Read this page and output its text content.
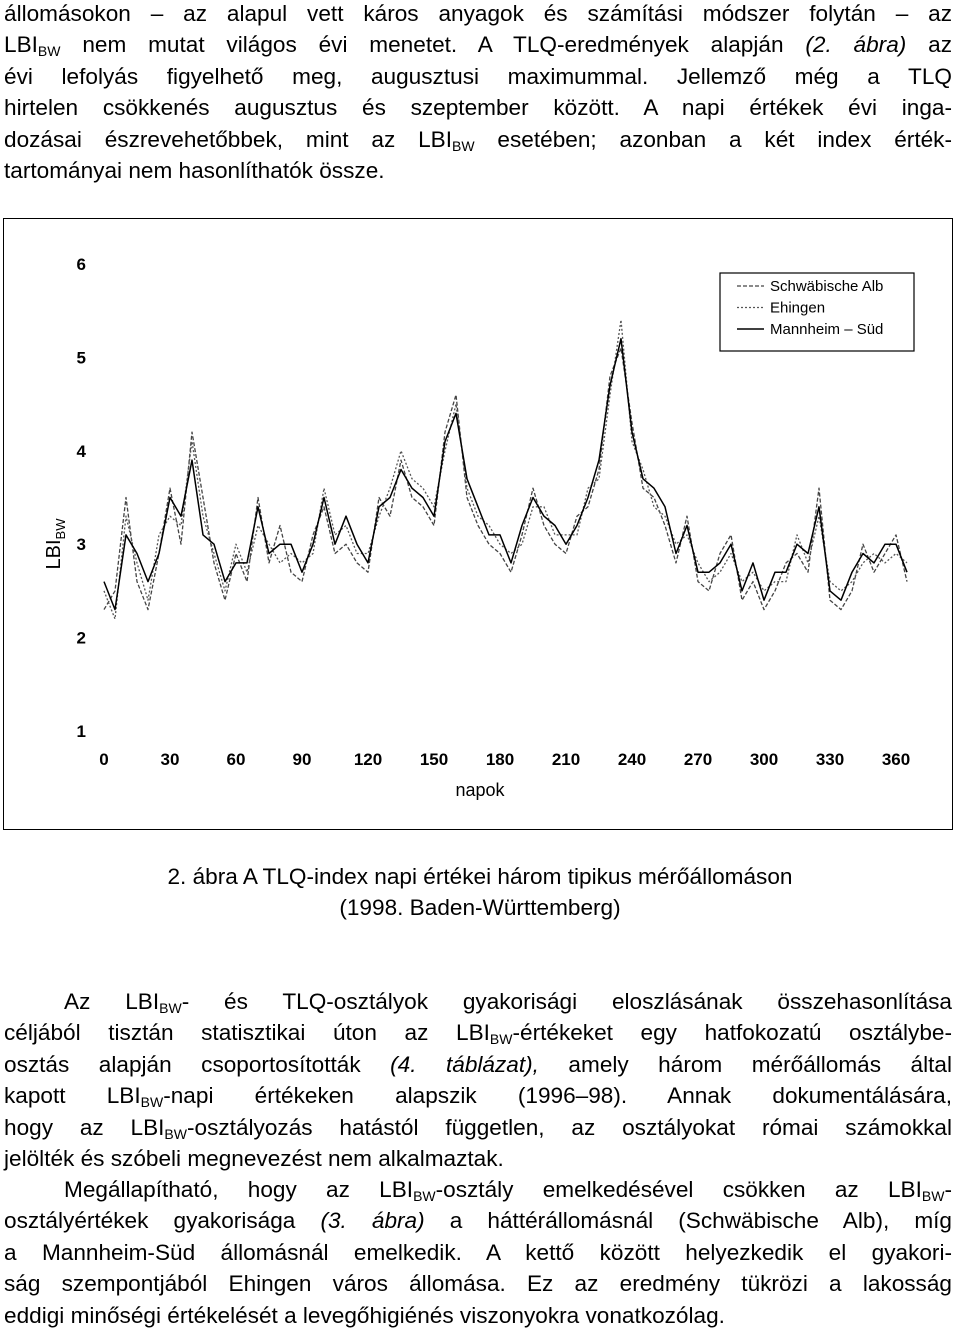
állomásokon – az alapul vett káros anyagok és számítási módszer folytán – az
$LBI_{BW}$ nem mutat világos évi menetet. A TLQ-eredmények alapján (2. ábra) az
évi lefolyás figyelhető meg, augusztusi maximummal. Jellemző még a TLQ
hirtelen csökkenés augusztus és szeptember között. A napi értékek évi inga-
dozásai észrevehetőbbek, mint az $LBI_{BW}$ esetében; azonban a két index érték-
tartományai nem hasonlíthatók össze.
1
2
3
4
5
6
0	30	60	90 120 150 180 210 240 270 300 330 360
Schwäbische Alb
Ehingen
Mannheim – Süd
$LBI_{BW}$
napok
2. ábra A TLQ-index napi értékei három tipikus mérőállomáson
(1998. Baden-Württemberg)
Az $LBI_{BW}-$ és TLQ-osztályok gyakorisági eloszlásának összehasonlítása
céljából tisztán statisztikai úton az $LBI_{BW}$-értékeket egy hatfokozatú osztálybe-
osztás alapján csoportosították (4. táblázat), amely három mérőállomás által
kapott $LBI_{BW}$-napi értékeken alapszik (1996–98). Annak dokumentálására,
hogy az $LBI_{BW}$-osztályozás hatástól független, az osztályokat római számokkal
jelölték és szóbeli megnevezést nem alkalmaztak.
Megállapítható, hogy az $LBI_{BW}$-osztály emelkedésével csökken az $LBI_{BW}-$
osztályértékek gyakorisága (3. ábra) a háttérállomásnál (Schwäbische Alb), míg
a Mannheim-Süd állomásnál emelkedik. A kettő között helyezkedik el gyakori-
ság szempontjából Ehingen város állomása. Ez az eredmény tükrözi a lakosság
eddigi minőségi értékelését a levegőhigiénés viszonyokra vonatkozólag.
